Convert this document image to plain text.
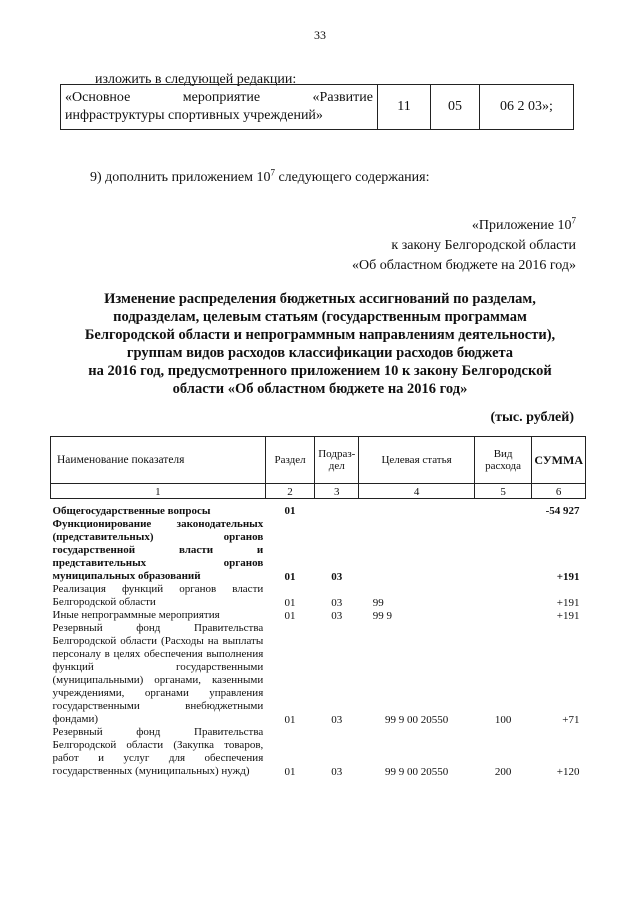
33
изложить в следующей редакции:
«Основное мероприятие «Развитие
инфраструктуры спортивных учреждений»
	11	05	06 2 03»;
9) дополнить приложением $10^7$ следующего содержания:
«Приложение $10^7$
к закону Белгородской области
«Об областном бюджете на 2016 год»
Изменение распределения бюджетных ассигнований по разделам,
подразделам, целевым статьям (государственным программам
Белгородской области и непрограммным направлениям деятельности),
группам видов расходов классификации расходов бюджета
на 2016 год, предусмотренного приложением 10 к закону Белгородской
области «Об областном бюджете на 2016 год»
(тыс. рублей)
Наименование показателя	Раздел	Подраз-дел	Целевая статья	Вид расхода	СУММА
1	2	3	4	5	6
Общегосударственные вопросы	01				-54 927
Функционирование законодательных (представительных) органов государственной власти и представительных органов муниципальных образований	01	03			+191
Реализация функций органов власти Белгородской области	01	03	99		+191
Иные непрограммные мероприятия	01	03	99 9		+191
Резервный фонд Правительства Белгородской области (Расходы на выплаты персоналу в целях обеспечения выполнения функций государственными (муниципальными) органами, казенными учреждениями, органами управления государственными внебюджетными фондами)	01	03	99 9 00 20550	100	+71
Резервный фонд Правительства Белгородской области (Закупка товаров, работ и услуг для обеспечения государственных (муниципальных) нужд)	01	03	99 9 00 20550	200	+120
